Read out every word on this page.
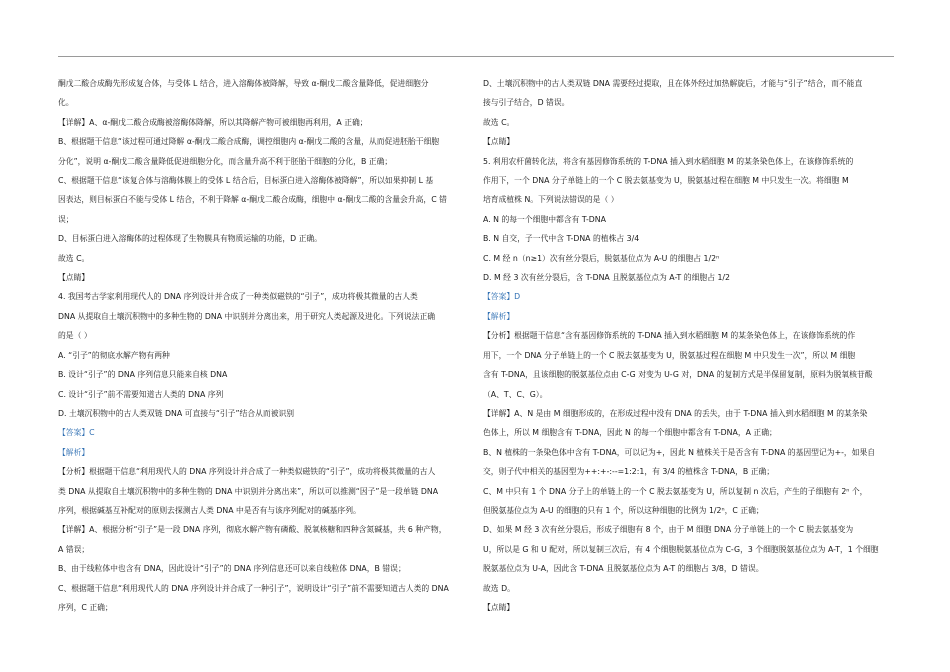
酮戊二酸合成酶先形成复合体，与受体 L 结合，进入溶酶体被降解，导致 α-酮戊二酸含量降低，促进细胞分

化。

【详解】A、α-酮戊二酸合成酶被溶酶体降解，所以其降解产物可被细胞再利用，A 正确；

B、根据题干信息“该过程可通过降解 α-酮戊二酸合成酶，调控细胞内 α-酮戊二酸的含量，从而促进胚胎干细胞

分化”，说明 α-酮戊二酸含量降低促进细胞分化，而含量升高不利于胚胎干细胞的分化，B 正确；

C、根据题干信息“该复合体与溶酶体膜上的受体 L 结合后，目标蛋白进入溶酶体被降解”，所以如果抑制 L 基

因表达，则目标蛋白不能与受体 L 结合，不利于降解 α-酮戊二酸合成酶，细胞中 α-酮戊二酸的含量会升高，C 错

误；

D、目标蛋白进入溶酶体的过程体现了生物膜具有物质运输的功能，D 正确。

故选 C。

【点睛】

4. 我国考古学家利用现代人的 DNA 序列设计并合成了一种类似磁铁的“引子”，成功将极其微量的古人类

DNA 从提取自土壤沉积物中的多种生物的 DNA 中识别并分离出来，用于研究人类起源及进化。下列说法正确

的是（ ）

A. “引子”的彻底水解产物有两种

B. 设计“引子”的 DNA 序列信息只能来自核 DNA

C. 设计“引子”前不需要知道古人类的 DNA 序列

D. 土壤沉积物中的古人类双链 DNA 可直接与“引子”结合从而被识别

【答案】C

【解析】

【分析】根据题干信息“利用现代人的 DNA 序列设计并合成了一种类似磁铁的“引子”，成功将极其微量的古人

类 DNA 从提取自土壤沉积物中的多种生物的 DNA 中识别并分离出来”，所以可以推测“因子”是一段单链 DNA

序列，根据碱基互补配对的原则去探测古人类 DNA 中是否有与该序列配对的碱基序列。

【详解】A、根据分析“引子”是一段 DNA 序列，彻底水解产物有磷酸、脱氧核糖和四种含氮碱基，共 6 种产物，

A 错误；

B、由于线粒体中也含有 DNA，因此设计“引子”的 DNA 序列信息还可以来自线粒体 DNA，B 错误；

C、根据题干信息“利用现代人的 DNA 序列设计并合成了一种引子”，说明设计“引子”前不需要知道古人类的 DNA

序列，C 正确；

D、土壤沉积物中的古人类双链 DNA 需要经过提取，且在体外经过加热解旋后，才能与“引子”结合，而不能直

接与引子结合，D 错误。

故选 C。

【点睛】

5. 利用农杆菌转化法，将含有基因修饰系统的 T-DNA 插入到水稻细胞 M 的某条染色体上，在该修饰系统的

作用下，一个 DNA 分子单链上的一个 C 脱去氨基变为 U，脱氨基过程在细胞 M 中只发生一次。将细胞 M

培育成植株 N。下列说法错误的是（ ）

A. N 的每一个细胞中都含有 T-DNA

B. N 自交，子一代中含 T-DNA 的植株占 3/4

C. M 经 n（n≥1）次有丝分裂后，脱氨基位点为 A-U 的细胞占 1/2ⁿ

D. M 经 3 次有丝分裂后，含 T-DNA 且脱氨基位点为 A-T 的细胞占 1/2

【答案】D

【解析】

【分析】根据题干信息“含有基因修饰系统的 T-DNA 插入到水稻细胞 M 的某条染色体上，在该修饰系统的作

用下，一个 DNA 分子单链上的一个 C 脱去氨基变为 U，脱氨基过程在细胞 M 中只发生一次”，所以 M 细胞

含有 T-DNA，且该细胞的脱氨基位点由 C-G 对变为 U-G 对，DNA 的复制方式是半保留复制，原料为脱氧核苷酸

（A、T、C、G）。

【详解】A、N 是由 M 细胞形成的，在形成过程中没有 DNA 的丢失，由于 T-DNA 插入到水稻细胞 M 的某条染

色体上，所以 M 细胞含有 T-DNA，因此 N 的每一个细胞中都含有 T-DNA，A 正确；

B、N 植株的一条染色体中含有 T-DNA，可以记为+，因此 N 植株关于是否含有 T-DNA 的基因型记为+-，如果自

交，则子代中相关的基因型为++:+-:--=1:2:1，有 3/4 的植株含 T-DNA，B 正确；

C、M 中只有 1 个 DNA 分子上的单链上的一个 C 脱去氨基变为 U，所以复制 n 次后，产生的子细胞有 2ⁿ 个，

但脱氨基位点为 A-U 的细胞的只有 1 个，所以这种细胞的比例为 1/2ⁿ，C 正确；

D、如果 M 经 3 次有丝分裂后，形成子细胞有 8 个，由于 M 细胞 DNA 分子单链上的一个 C 脱去氨基变为

U，所以是 G 和 U 配对，所以复制三次后，有 4 个细胞脱氨基位点为 C-G，3 个细胞脱氨基位点为 A-T，1 个细胞

脱氨基位点为 U-A，因此含 T-DNA 且脱氨基位点为 A-T 的细胞占 3/8，D 错误。

故选 D。

【点睛】
